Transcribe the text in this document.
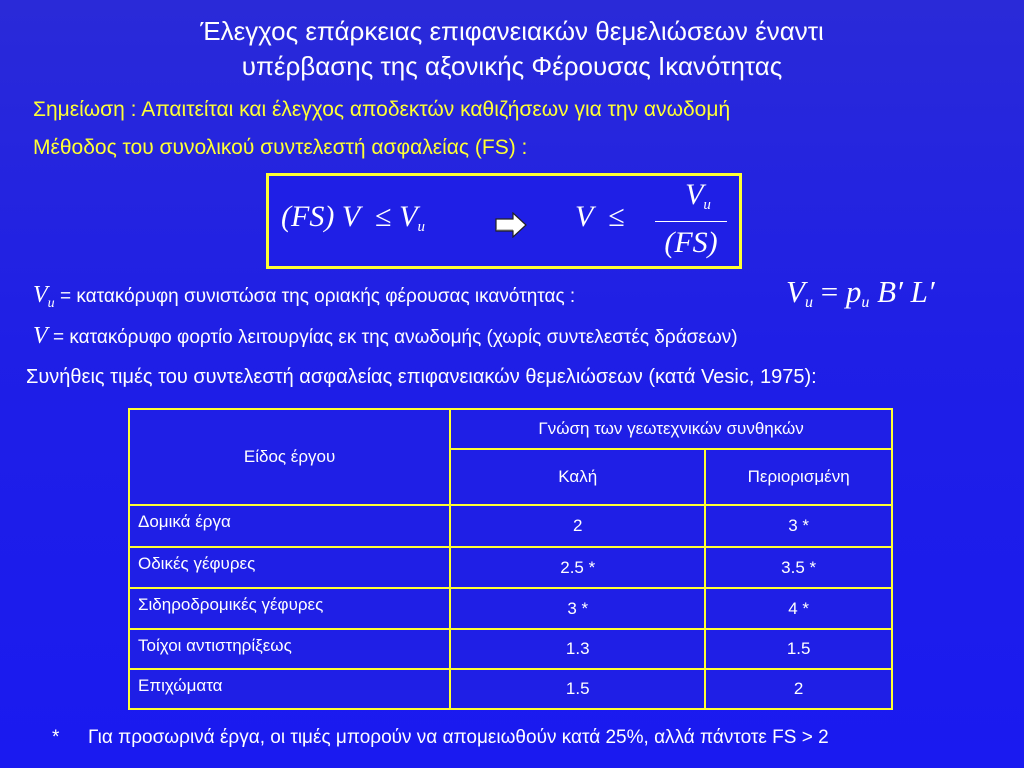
Έλεγχος επάρκειας επιφανειακών θεμελιώσεων έναντι
υπέρβασης της αξονικής Φέρουσας Ικανότητας
Σημείωση : Απαιτείται και έλεγχος αποδεκτών καθιζήσεων για την ανωδομή
Μέθοδος του συνολικού συντελεστή ασφαλείας (FS) :
(FS) $V \le V_u$	V ≤
$V_u$
(FS)
$V_u = \kappa\alpha\tau\alpha\kappa ό\rho\upsilon\varphi\eta$ συνιστώσα της οριακής φέρουσας ικανότητας :	$V_u = p_u$ B′ L′
V = κατακόρυφο φορτίο λειτουργίας εκ της ανωδομής (χωρίς συντελεστές δράσεων)
Συνήθεις τιμές του συντελεστή ασφαλείας επιφανειακών θεμελιώσεων (κατά Vesic, 1975):
Είδος έργου	Γνώση των γεωτεχνικών συνθηκών	
	Καλή	Περιορισμένη
Δομικά έργα	2	3 *
Οδικές γέφυρες	2.5 *	3.5 *
Σιδηροδρομικές γέφυρες	3 *	4 *
Τοίχοι αντιστηρίξεως	1.3	1.5
Επιχώματα	1.5	2
* Για προσωρινά έργα, οι τιμές μπορούν να απομειωθούν κατά 25%, αλλά πάντοτε FS > 2
